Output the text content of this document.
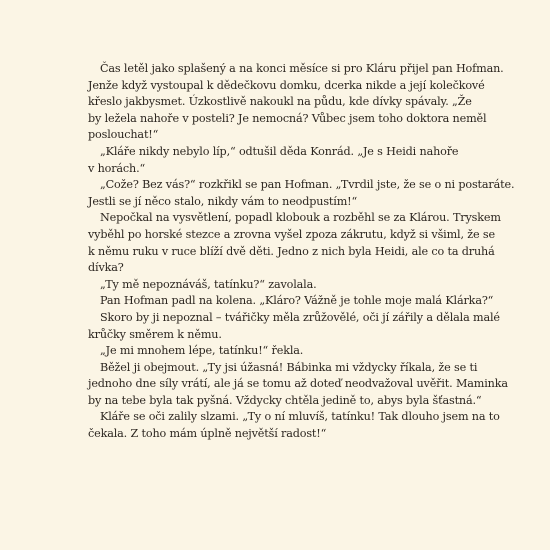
Čas letěl jako splašený a na konci měsíce si pro Kláru přijel pan Hofman.
Jenže když vystoupal k dědečkovu domku, dcerka nikde a její kolečkové
křeslo jakbysmet. Úzkostlivě nakoukl na půdu, kde dívky spávaly. „Že
by ležela nahoře v posteli? Je nemocná? Vůbec jsem toho doktora neměl
poslouchat!“
„Kláře nikdy nebylo líp,“ odtušil děda Konrád. „Je s Heidi nahoře
v horách.“
„Cože? Bez vás?“ rozkřikl se pan Hofman. „Tvrdil jste, že se o ni postaráte.
Jestli se jí něco stalo, nikdy vám to neodpustím!“
Nepočkal na vysvětlení, popadl klobouk a rozběhl se za Klárou. Tryskem
vyběhl po horské stezce a zrovna vyšel zpoza zákrutu, když si všiml, že se
k němu ruku v ruce blíží dvě děti. Jedno z nich byla Heidi, ale co ta druhá
dívka?
„Ty mě nepoznáváš, tatínku?“ zavolala.
Pan Hofman padl na kolena. „Kláro? Vážně je tohle moje malá Klárka?“
Skoro by ji nepoznal – tvářičky měla zrůžovělé, oči jí zářily a dělala malé
krůčky směrem k němu.
„Je mi mnohem lépe, tatínku!“ řekla.
Běžel ji obejmout. „Ty jsi úžasná! Bábinka mi vždycky říkala, že se ti
jednoho dne síly vrátí, ale já se tomu až doteď neodvažoval uvěřit. Maminka
by na tebe byla tak pyšná. Vždycky chtěla jedině to, abys byla šťastná.“
Kláře se oči zalily slzami. „Ty o ní mluvíš, tatínku! Tak dlouho jsem na to
čekala. Z toho mám úplně největší radost!“
